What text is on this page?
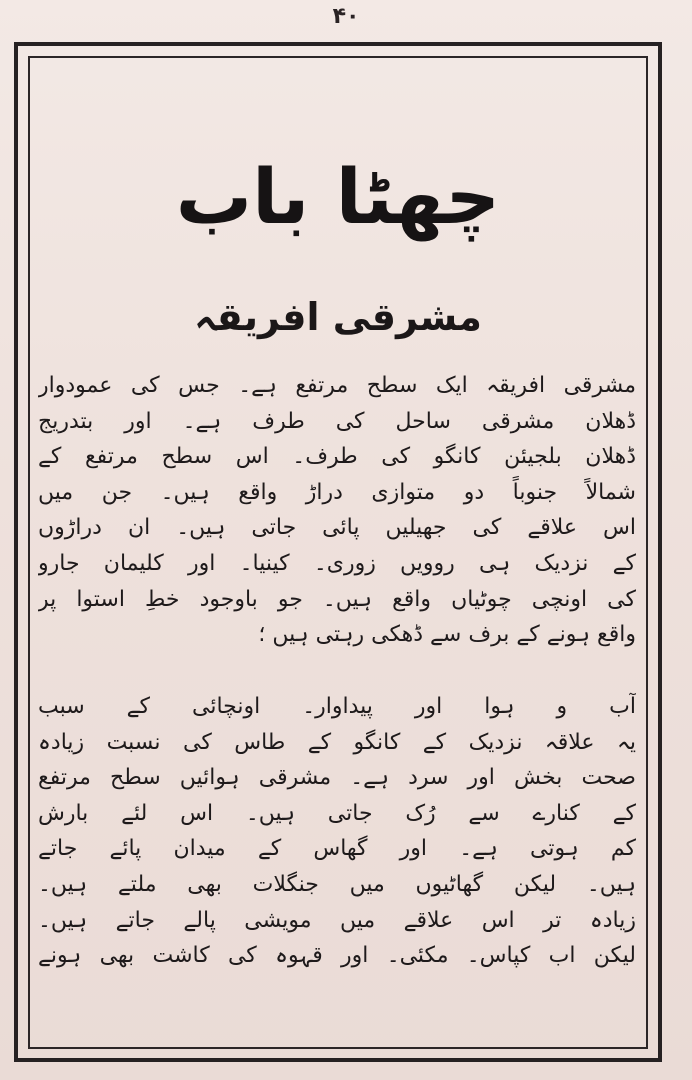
۴۰
چھٹا باب
مشرقی افریقہ
مشرقی افریقہ ایک سطح مرتفع ہے۔ جس کی عمودوار
ڈھلان مشرقی ساحل کی طرف ہے۔ اور بتدریج
ڈھلان بلجیئن کانگو کی طرف۔ اس سطح مرتفع کے
شمالاً جنوباً دو متوازی دراڑ واقع ہیں۔ جن میں
اس علاقے کی جھیلیں پائی جاتی ہیں۔ ان دراڑوں
کے نزدیک ہی روویں زوری۔ کینیا۔ اور کلیمان جارو
کی اونچی چوٹیاں واقع ہیں۔ جو باوجود خطِ استوا پر
واقع ہونے کے برف سے ڈھکی رہتی ہیں ؛
آب و ہوا اور پیداوار۔ اونچائی کے سبب
یہ علاقہ نزدیک کے کانگو کے طاس کی نسبت زیادہ
صحت بخش اور سرد ہے۔ مشرقی ہوائیں سطح مرتفع
کے کنارے سے رُک جاتی ہیں۔ اس لئے بارش
کم ہوتی ہے۔ اور گھاس کے میدان پائے جاتے
ہیں۔ لیکن گھاٹیوں میں جنگلات بھی ملتے ہیں۔
زیادہ تر اس علاقے میں مویشی پالے جاتے ہیں۔
لیکن اب کپاس۔ مکئی۔ اور قہوہ کی کاشت بھی ہونے
